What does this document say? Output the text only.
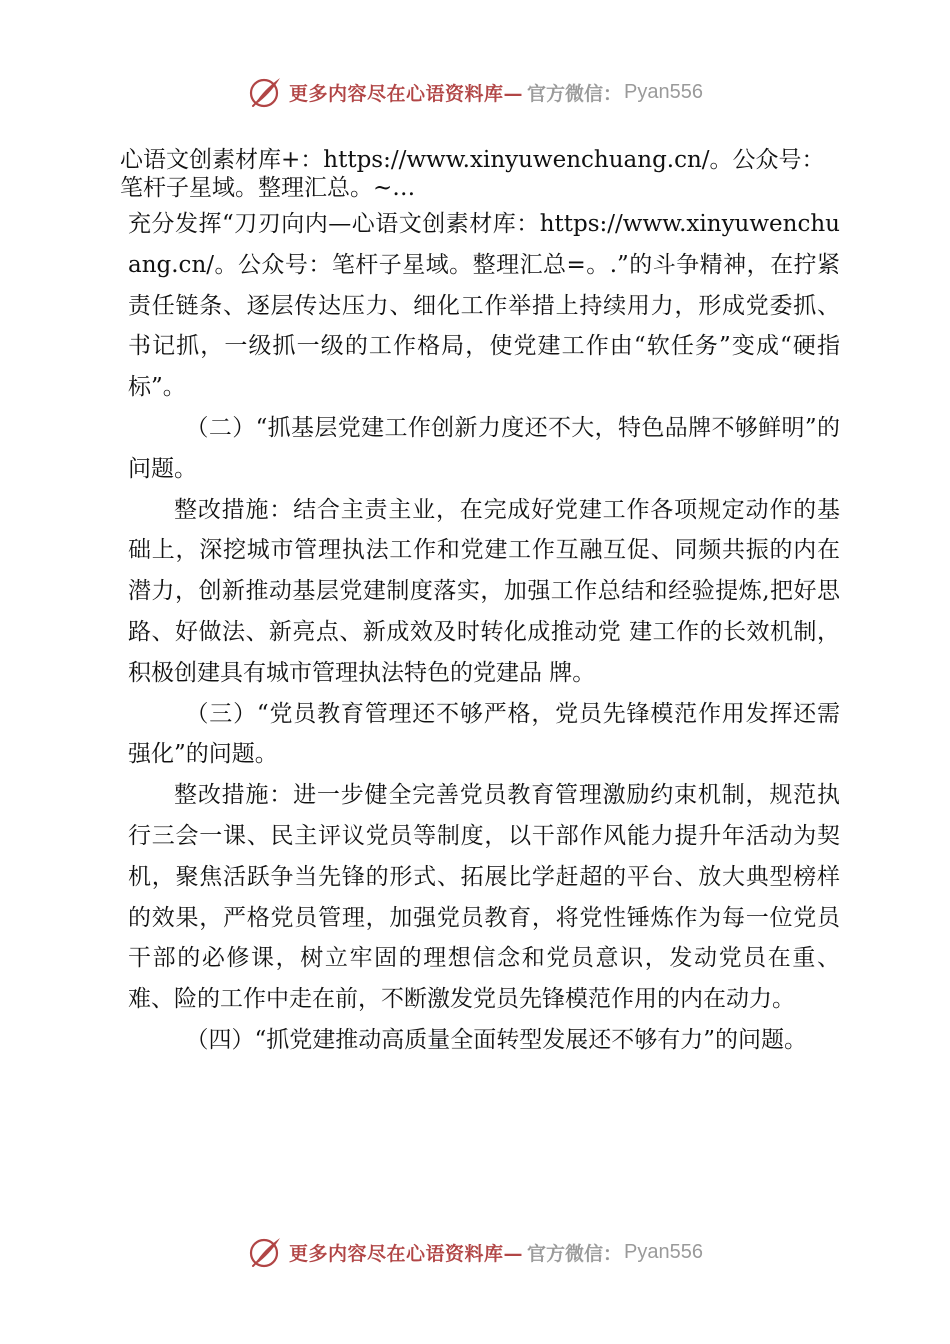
更多内容尽在心语资料库— 官方微信： Pyan556
心语文创素材库+：https://www.xinyuwenchuang.cn/。公众号：
笔杆子星域。整理汇总。~…

充分发挥“刀刃向内—心语文创素材库：https://www.xinyuwenchuang.cn/。公众号：笔杆子星域。整理汇总=。.”的斗争精神，在拧紧责任链条、逐层传达压力、细化工作举措上持续用力，形成党委抓、书记抓，一级抓一级的工作格局，使党建工作由“软任务”变成“硬指标”。

（二）“抓基层党建工作创新力度还不大，特色品牌不够鲜明”的问题。

整改措施：结合主责主业，在完成好党建工作各项规定动作的基础上，深挖城市管理执法工作和党建工作互融互促、同频共振的内在潜力，创新推动基层党建制度落实，加强工作总结和经验提炼,把好思路、好做法、新亮点、新成效及时转化成推动党 建工作的长效机制，积极创建具有城市管理执法特色的党建品 牌。

（三）“党员教育管理还不够严格，党员先锋模范作用发挥还需强化”的问题。

整改措施：进一步健全完善党员教育管理激励约束机制，规范执行三会一课、民主评议党员等制度，以干部作风能力提升年活动为契机，聚焦活跃争当先锋的形式、拓展比学赶超的平台、放大典型榜样的效果，严格党员管理，加强党员教育，将党性锤炼作为每一位党员干部的必修课，树立牢固的理想信念和党员意识，发动党员在重、难、险的工作中走在前，不断激发党员先锋模范作用的内在动力。

（四）“抓党建推动高质量全面转型发展还不够有力”的问题。

更多内容尽在心语资料库— 官方微信： Pyan556
